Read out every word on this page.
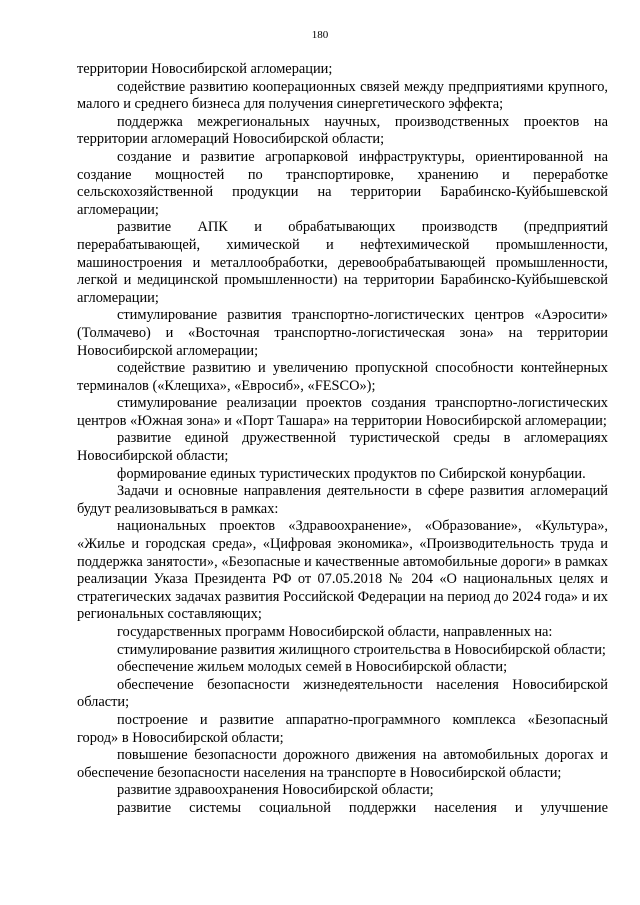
180

территории Новосибирской агломерации;

содействие развитию кооперационных связей между предприятиями крупного, малого и среднего бизнеса для получения синергетического эффекта;

поддержка межрегиональных научных, производственных проектов на территории агломераций Новосибирской области;

создание и развитие агропарковой инфраструктуры, ориентированной на создание мощностей по транспортировке, хранению и переработке сельскохозяйственной продукции на территории Барабинско-Куйбышевской агломерации;

развитие АПК и обрабатывающих производств (предприятий перерабатывающей, химической и нефтехимической промышленности, машиностроения и металлообработки, деревообрабатывающей промышленности, легкой и медицинской промышленности) на территории Барабинско-Куйбышевской агломерации;

стимулирование развития транспортно-логистических центров «Аэросити» (Толмачево) и «Восточная транспортно-логистическая зона» на территории Новосибирской агломерации;

содействие развитию и увеличению пропускной способности контейнерных терминалов («Клещиха», «Евросиб», «FESCO»);

стимулирование реализации проектов создания транспортно-логистических центров «Южная зона» и «Порт Ташара» на территории Новосибирской агломерации;

развитие единой дружественной туристической среды в агломерациях Новосибирской области;

формирование единых туристических продуктов по Сибирской конурбации.

Задачи и основные направления деятельности в сфере развития агломераций будут реализовываться в рамках:

национальных проектов «Здравоохранение», «Образование», «Культура», «Жилье и городская среда», «Цифровая экономика», «Производительность труда и поддержка занятости», «Безопасные и качественные автомобильные дороги» в рамках реализации Указа Президента РФ от 07.05.2018 № 204 «О национальных целях и стратегических задачах развития Российской Федерации на период до 2024 года» и их региональных составляющих;

государственных программ Новосибирской области, направленных на:

стимулирование развития жилищного строительства в Новосибирской области;

обеспечение жильем молодых семей в Новосибирской области;

обеспечение безопасности жизнедеятельности населения Новосибирской области;

построение и развитие аппаратно-программного комплекса «Безопасный город» в Новосибирской области;

повышение безопасности дорожного движения на автомобильных дорогах и обеспечение безопасности населения на транспорте в Новосибирской области;

развитие здравоохранения Новосибирской области;

развитие системы социальной поддержки населения и улучшение
